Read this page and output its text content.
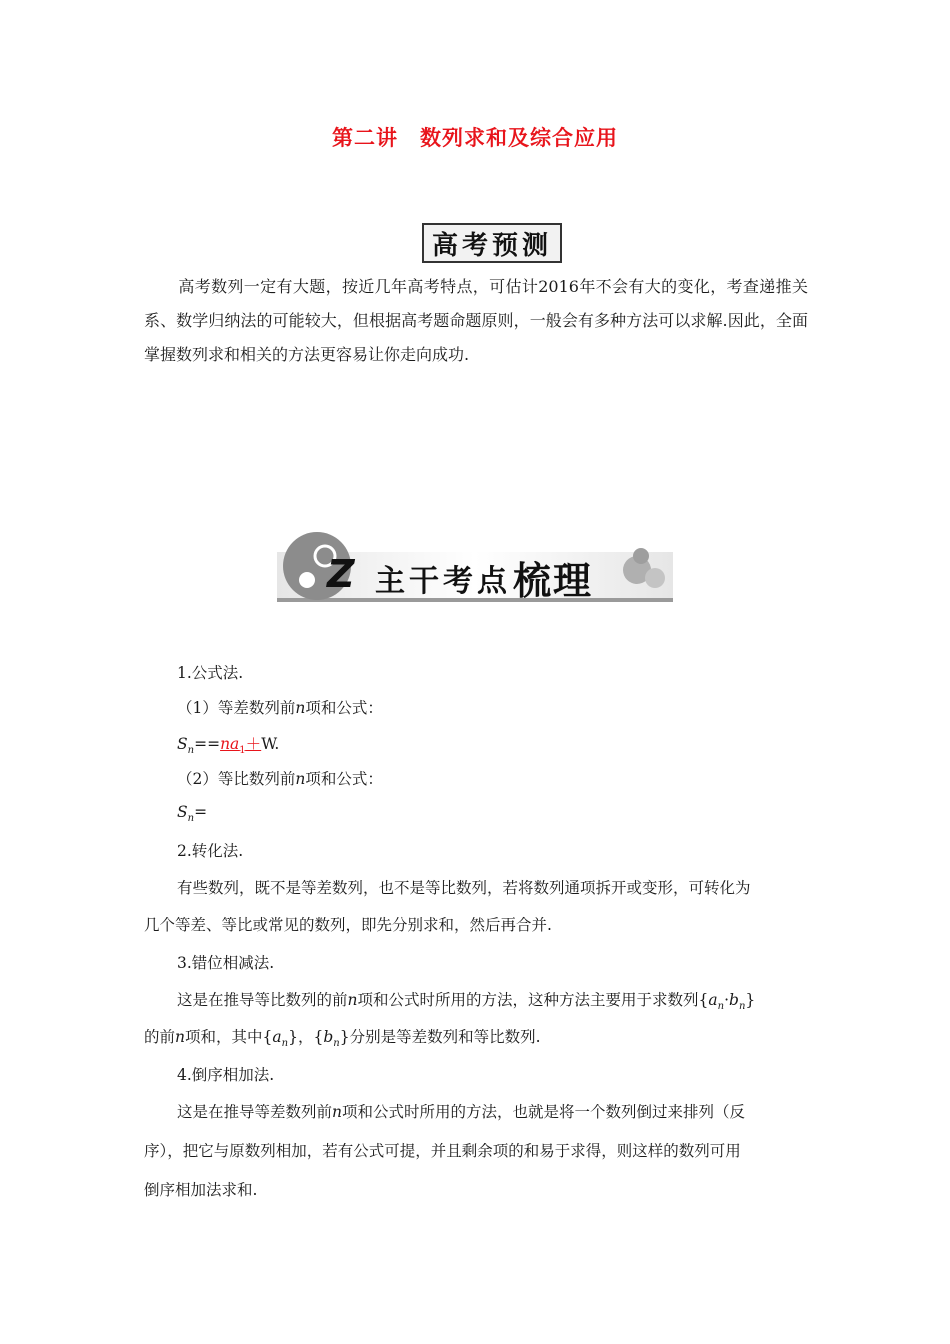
第二讲　数列求和及综合应用
高考预测
高考数列一定有大题，按近几年高考特点，可估计2016年不会有大的变化，考查递推关系、数学归纳法的可能较大，但根据高考题命题原则，一般会有多种方法可以求解.因此，全面掌握数列求和相关的方法更容易让你走向成功.
Z 主干考点 梳理
1.公式法.
（1）等差数列前n项和公式：
$S_n==na_1+W$.
（2）等比数列前n项和公式：
$S_n=$
2.转化法.
有些数列，既不是等差数列，也不是等比数列，若将数列通项拆开或变形，可转化为
几个等差、等比或常见的数列，即先分别求和，然后再合并.
3.错位相减法.
这是在推导等比数列的前n项和公式时所用的方法，这种方法主要用于求数列$\{a_n\cdot b_n\}$
的前n项和，其中$\{a_n\}$，$\{b_n\}$分别是等差数列和等比数列.
4.倒序相加法.
这是在推导等差数列前n项和公式时所用的方法，也就是将一个数列倒过来排列（反
序），把它与原数列相加，若有公式可提，并且剩余项的和易于求得，则这样的数列可用
倒序相加法求和.
